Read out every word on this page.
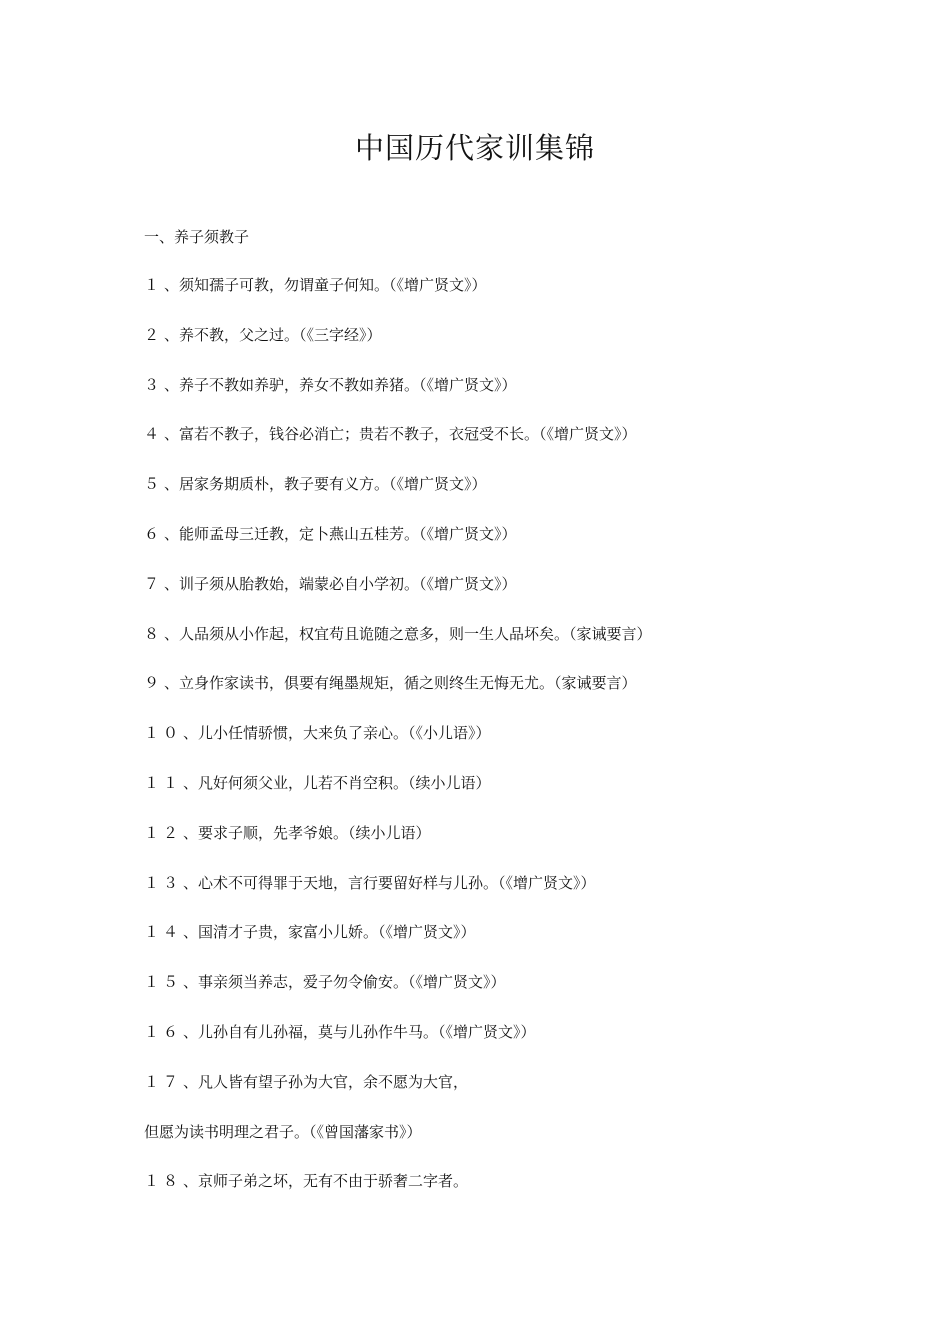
中国历代家训集锦
一、养子须教子
１、须知孺子可教，勿谓童子何知。（《增广贤文》）
２、养不教，父之过。（《三字经》）
３、养子不教如养驴，养女不教如养猪。（《增广贤文》）
４、富若不教子，钱谷必消亡；贵若不教子，衣冠受不长。（《增广贤文》）
５、居家务期质朴，教子要有义方。（《增广贤文》）
６、能师孟母三迁教，定卜燕山五桂芳。（《增广贤文》）
７、训子须从胎教始，端蒙必自小学初。（《增广贤文》）
８、人品须从小作起，权宜苟且诡随之意多，则一生人品坏矣。（家诫要言）
９、立身作家读书，俱要有绳墨规矩，循之则终生无悔无尤。（家诫要言）
１０、儿小任情骄惯，大来负了亲心。（《小儿语》）
１１、凡好何须父业，儿若不肖空积。（续小儿语）
１２、要求子顺，先孝爷娘。（续小儿语）
１３、心术不可得罪于天地，言行要留好样与儿孙。（《增广贤文》）
１４、国清才子贵，家富小儿娇。（《增广贤文》）
１５、事亲须当养志，爱子勿令偷安。（《增广贤文》）
１６、儿孙自有儿孙福，莫与儿孙作牛马。（《增广贤文》）
１７、凡人皆有望子孙为大官，余不愿为大官，
但愿为读书明理之君子。（《曾国藩家书》）
１８、京师子弟之坏，无有不由于骄奢二字者。
